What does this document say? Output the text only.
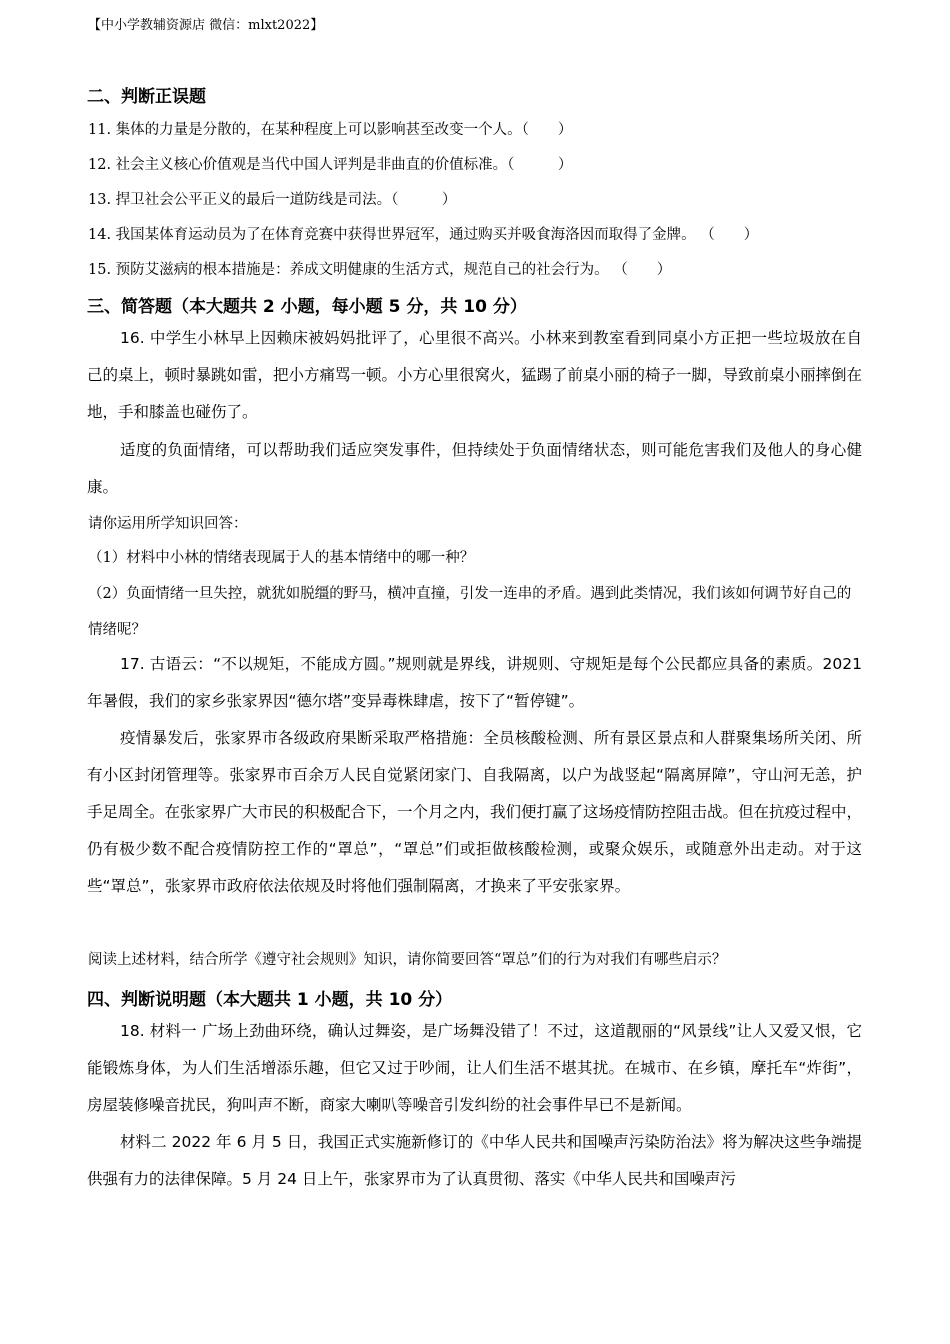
【中小学教辅资源店 微信：mlxt2022】
二、判断正误题
11. 集体的力量是分散的，在某种程度上可以影响甚至改变一个人。（　　）
12. 社会主义核心价值观是当代中国人评判是非曲直的价值标准。（　　　）
13. 捍卫社会公平正义的最后一道防线是司法。（　　　）
14. 我国某体育运动员为了在体育竞赛中获得世界冠军，通过购买并吸食海洛因而取得了金牌。 （　　）
15. 预防艾滋病的根本措施是：养成文明健康的生活方式，规范自己的社会行为。 （　　）
三、简答题（本大题共 2 小题，每小题 5 分，共 10 分）
16. 中学生小林早上因赖床被妈妈批评了，心里很不高兴。小林来到教室看到同桌小方正把一些垃圾放在自己的桌上，顿时暴跳如雷，把小方痛骂一顿。小方心里很窝火，猛踢了前桌小丽的椅子一脚，导致前桌小丽摔倒在地，手和膝盖也碰伤了。
适度的负面情绪，可以帮助我们适应突发事件，但持续处于负面情绪状态，则可能危害我们及他人的身心健康。
请你运用所学知识回答：
（1）材料中小林的情绪表现属于人的基本情绪中的哪一种？
（2）负面情绪一旦失控，就犹如脱缰的野马，横冲直撞，引发一连串的矛盾。遇到此类情况，我们该如何调节好自己的情绪呢？
17. 古语云：“不以规矩，不能成方圆。”规则就是界线，讲规则、守规矩是每个公民都应具备的素质。2021 年暑假，我们的家乡张家界因“德尔塔”变异毒株肆虐，按下了“暂停键”。
疫情暴发后，张家界市各级政府果断采取严格措施：全员核酸检测、所有景区景点和人群聚集场所关闭、所有小区封闭管理等。张家界市百余万人民自觉紧闭家门、自我隔离，以户为战竖起“隔离屏障”，守山河无恙，护手足周全。在张家界广大市民的积极配合下，一个月之内，我们便打赢了这场疫情防控阻击战。但在抗疫过程中，仍有极少数不配合疫情防控工作的“罩总”，“罩总”们或拒做核酸检测，或聚众娱乐，或随意外出走动。对于这些“罩总”，张家界市政府依法依规及时将他们强制隔离，才换来了平安张家界。
阅读上述材料，结合所学《遵守社会规则》知识，请你简要回答“罩总”们的行为对我们有哪些启示？
四、判断说明题（本大题共 1 小题，共 10 分）
18. 材料一 广场上劲曲环绕，确认过舞姿，是广场舞没错了！不过，这道靓丽的“风景线”让人又爱又恨，它能锻炼身体，为人们生活增添乐趣，但它又过于吵闹，让人们生活不堪其扰。在城市、在乡镇，摩托车“炸街”，房屋装修噪音扰民，狗叫声不断，商家大喇叭等噪音引发纠纷的社会事件早已不是新闻。
材料二 2022 年 6 月 5 日，我国正式实施新修订的《中华人民共和国噪声污染防治法》将为解决这些争端提供强有力的法律保障。5 月 24 日上午，张家界市为了认真贯彻、落实《中华人民共和国噪声污
